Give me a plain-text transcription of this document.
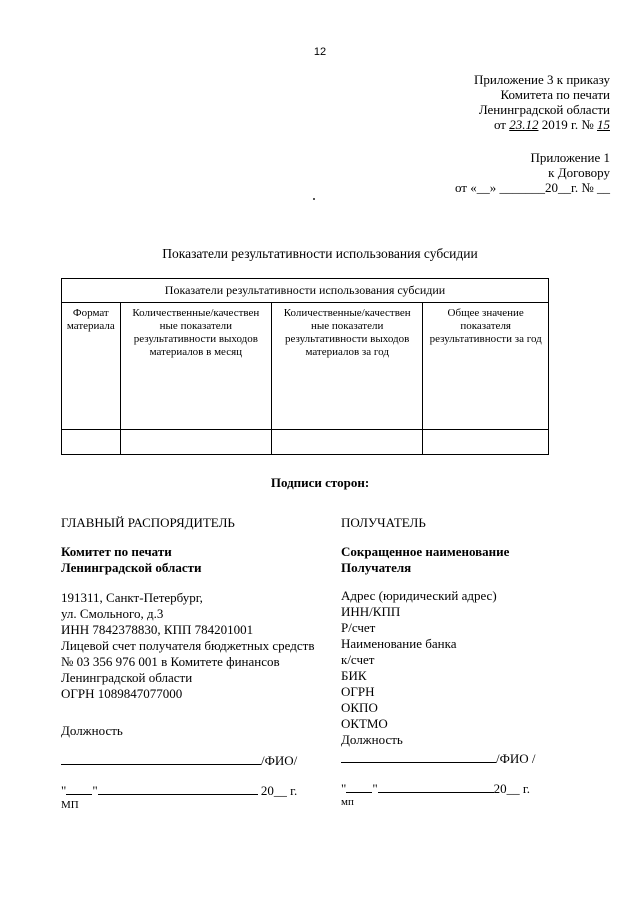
12
Приложение 3 к приказу
Комитета по печати
Ленинградской области
от 23.12 2019 г. № 15
Приложение 1
к Договору
от «__» _______20__г. № __
Показатели результативности использования субсидии
Показатели результативности использования субсидии			
Формат материала	Количественные/качествен ные показатели результативности выходов материалов в месяц	Количественные/качествен ные показатели результативности выходов материалов за год	Общее значение показателя результативности за год

Подписи сторон:
ГЛАВНЫЙ РАСПОРЯДИТЕЛЬ
Комитет по печати
Ленинградской области
191311, Санкт-Петербург,
ул. Смольного, д.3
ИНН 7842378830, КПП 784201001
Лицевой счет получателя бюджетных средств
№ 03 356 976 001 в Комитете финансов
Ленинградской области
ОГРН 1089847077000
Должность
/ФИО/
" "	20__ г.
МП
ПОЛУЧАТЕЛЬ
Сокращенное наименование
Получателя
Адрес (юридический адрес)
ИНН/КПП
Р/счет
Наименование банка
к/счет
БИК
ОГРН
ОКПО
ОКТМО
Должность
/ФИО /
" "	20__ г.
мп
